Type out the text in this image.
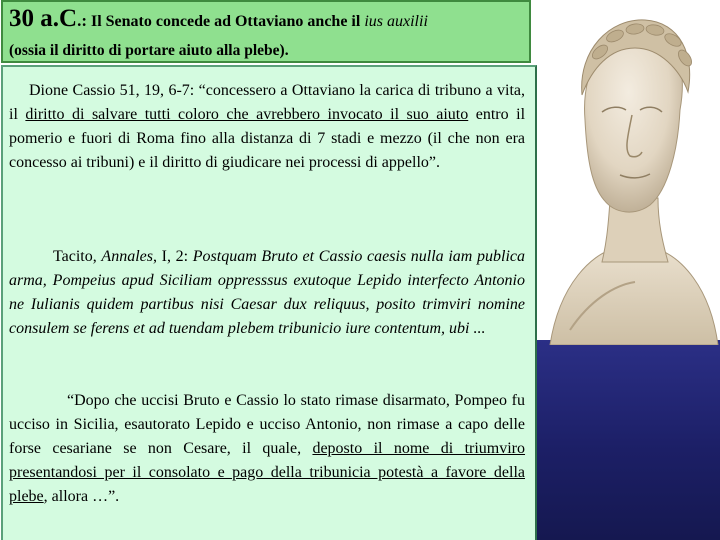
30 a.C.: Il Senato concede ad Ottaviano anche il ius auxilii
(ossia il diritto di portare aiuto alla plebe).
Dione Cassio 51, 19, 6-7: “concessero a Ottaviano la carica di tribuno a vita, il diritto di salvare tutti coloro che avrebbero invocato il suo aiuto entro il pomerio e fuori di Roma fino alla distanza di 7 stadi e mezzo (il che non era concesso ai tribuni) e il diritto di giudicare nei processi di appello”.
Tacito, Annales, I, 2: Postquam Bruto et Cassio caesis nulla iam publica arma, Pompeius apud Siciliam oppresssus exutoque Lepido interfecto Antonio ne Iulianis quidem partibus nisi Caesar dux reliquus, posito trimviri nomine consulem se ferens et ad tuendam plebem tribunicio iure contentum, ubi ...
“Dopo che uccisi Bruto e Cassio lo stato rimase disarmato, Pompeo fu ucciso in Sicilia, esautorato Lepido e ucciso Antonio, non rimase a capo delle forse cesariane se non Cesare, il quale, deposto il nome di triumviro presentandosi per il consolato e pago della tribunicia potestà a favore della plebe, allora …”.
